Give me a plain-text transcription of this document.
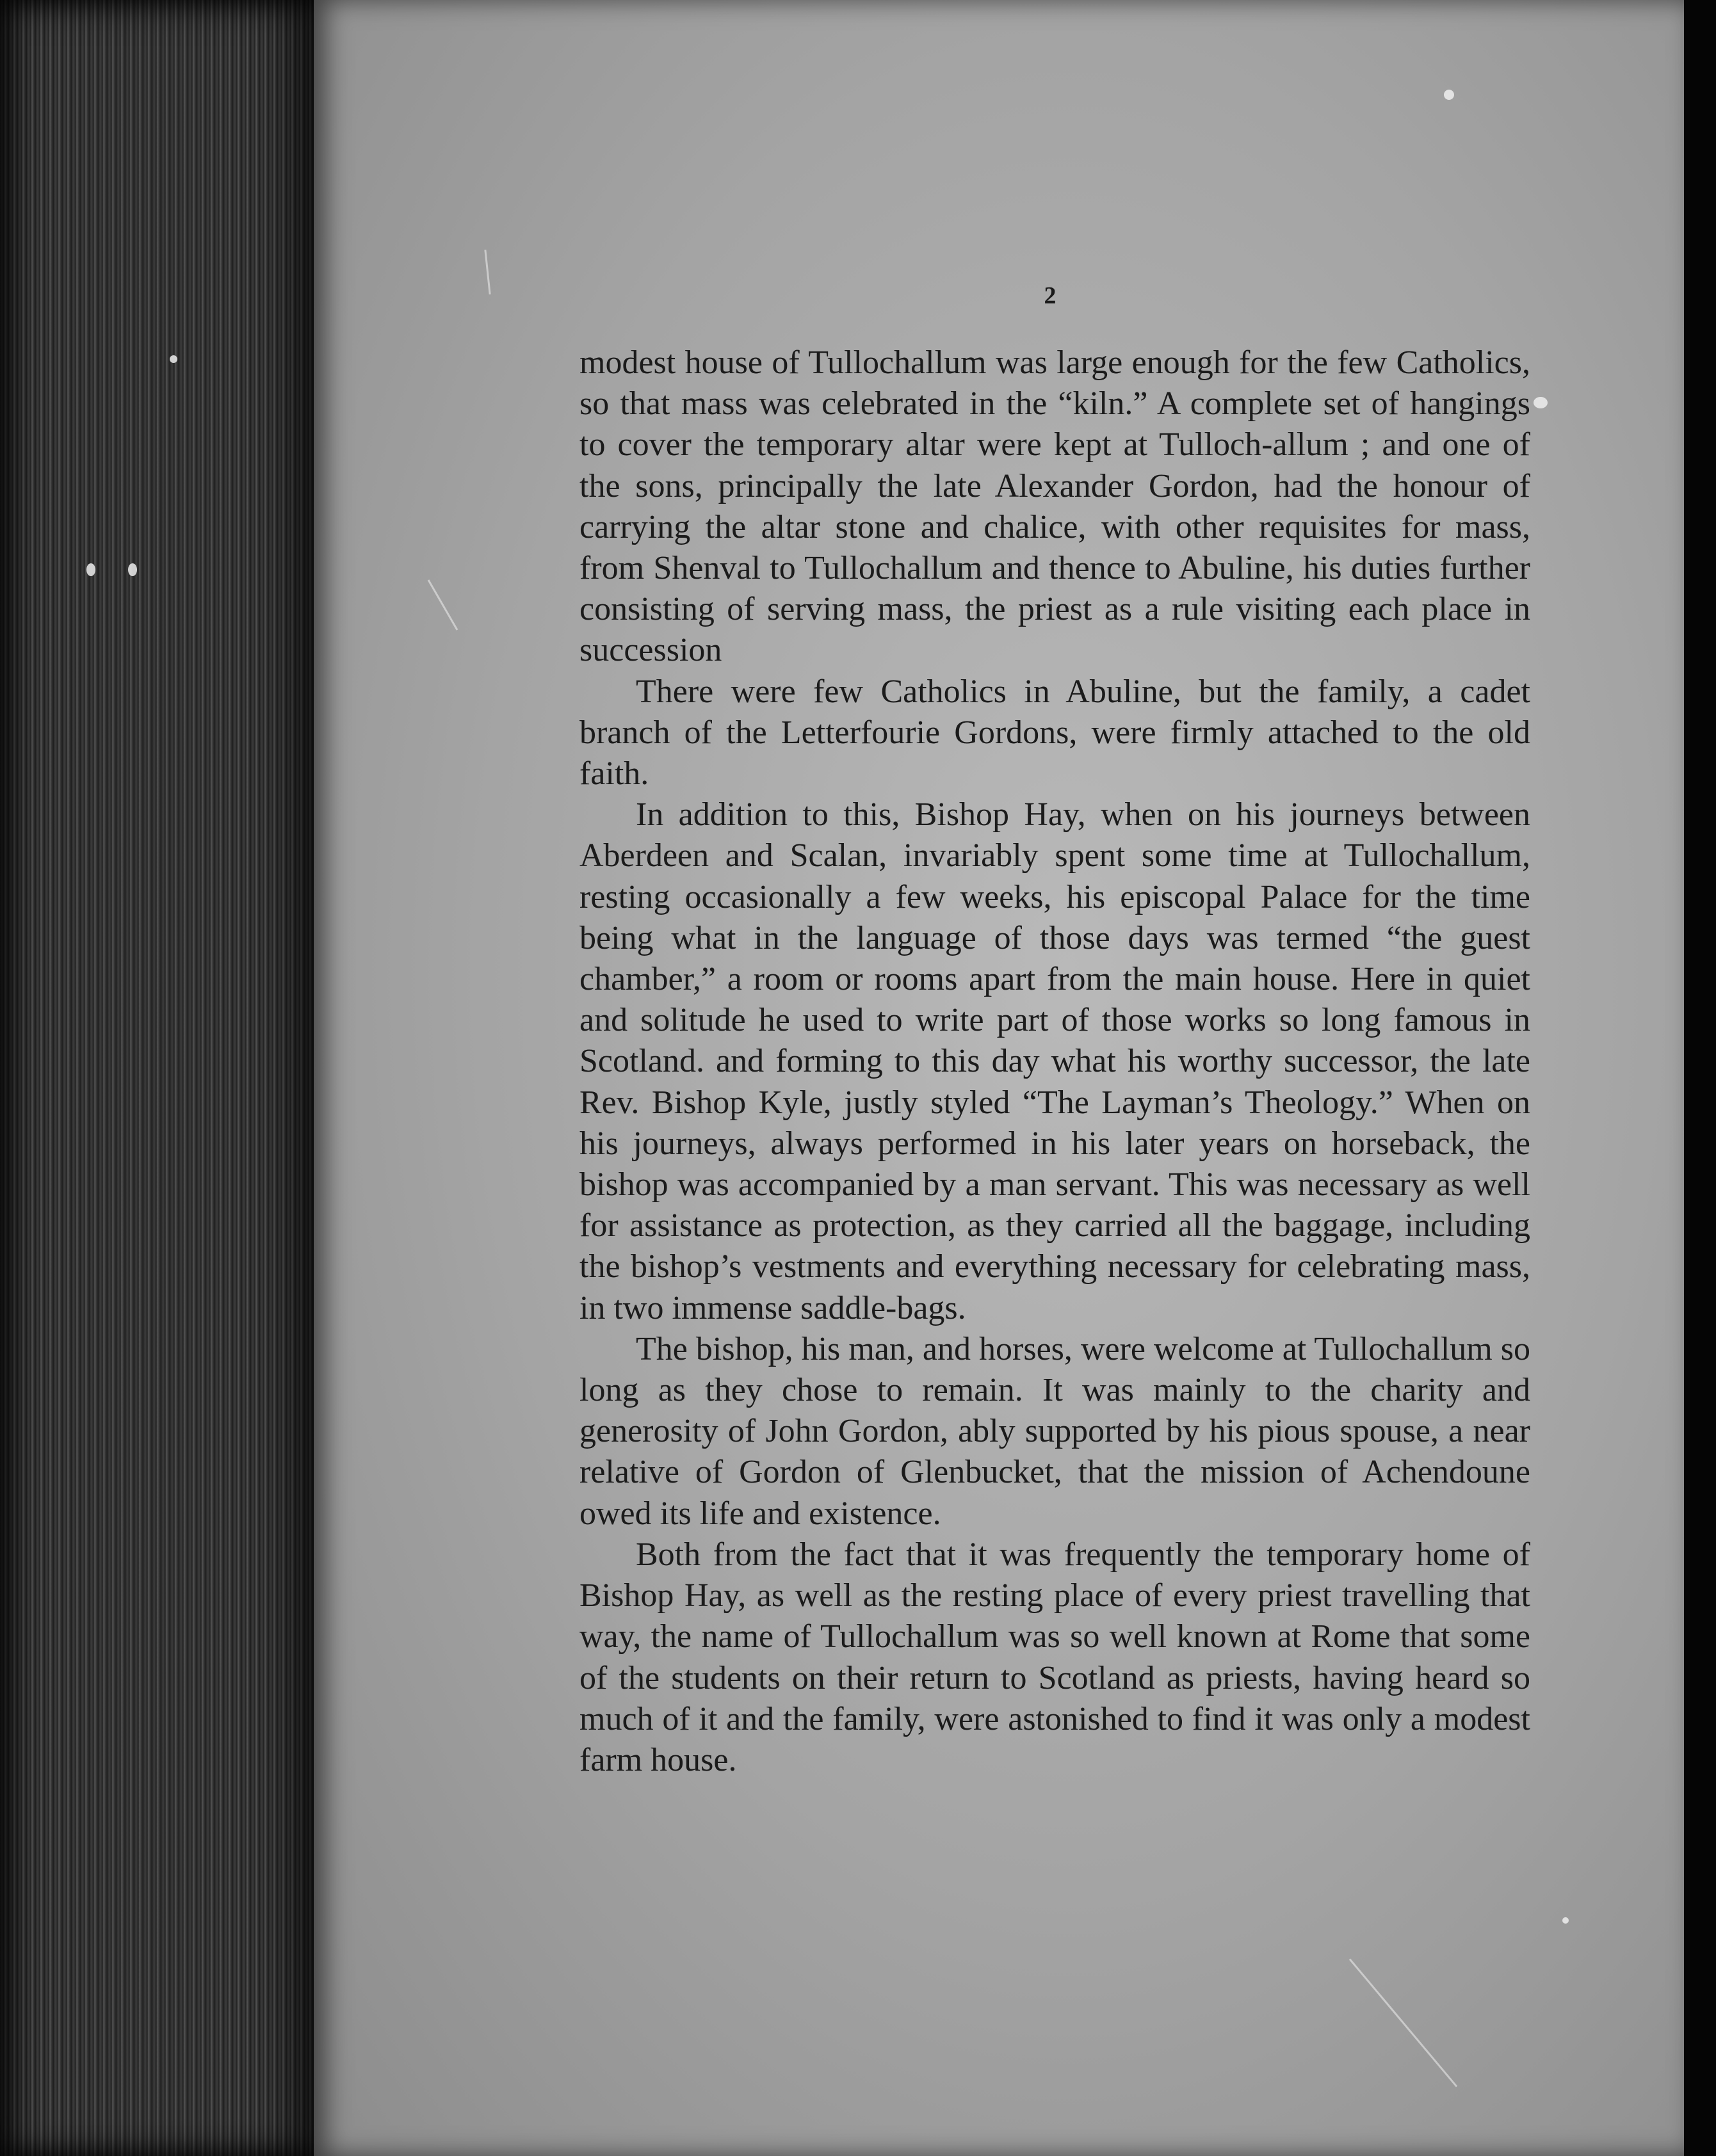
2

modest house of Tullochallum was large enough for the few Catholics, so that mass was celebrated in the “kiln.” A complete set of hangings to cover the temporary altar were kept at Tulloch-allum ; and one of the sons, principally the late Alexander Gordon, had the honour of carrying the altar stone and chalice, with other requisites for mass, from Shenval to Tullochallum and thence to Abuline, his duties further consisting of serving mass, the priest as a rule visiting each place in succession

There were few Catholics in Abuline, but the family, a cadet branch of the Letterfourie Gordons, were firmly attached to the old faith.

In addition to this, Bishop Hay, when on his journeys between Aberdeen and Scalan, invariably spent some time at Tullochallum, resting occasionally a few weeks, his episcopal Palace for the time being what in the language of those days was termed “the guest chamber,” a room or rooms apart from the main house. Here in quiet and solitude he used to write part of those works so long famous in Scotland. and forming to this day what his worthy successor, the late Rev. Bishop Kyle, justly styled “The Layman’s Theology.” When on his journeys, always performed in his later years on horseback, the bishop was accompanied by a man servant. This was necessary as well for assistance as protection, as they carried all the baggage, including the bishop’s vestments and everything necessary for celebrating mass, in two immense saddle-bags.

The bishop, his man, and horses, were welcome at Tullochallum so long as they chose to remain. It was mainly to the charity and generosity of John Gordon, ably supported by his pious spouse, a near relative of Gordon of Glenbucket, that the mission of Achendoune owed its life and existence.

Both from the fact that it was frequently the temporary home of Bishop Hay, as well as the resting place of every priest travelling that way, the name of Tullochallum was so well known at Rome that some of the students on their return to Scotland as priests, having heard so much of it and the family, were astonished to find it was only a modest farm house.
